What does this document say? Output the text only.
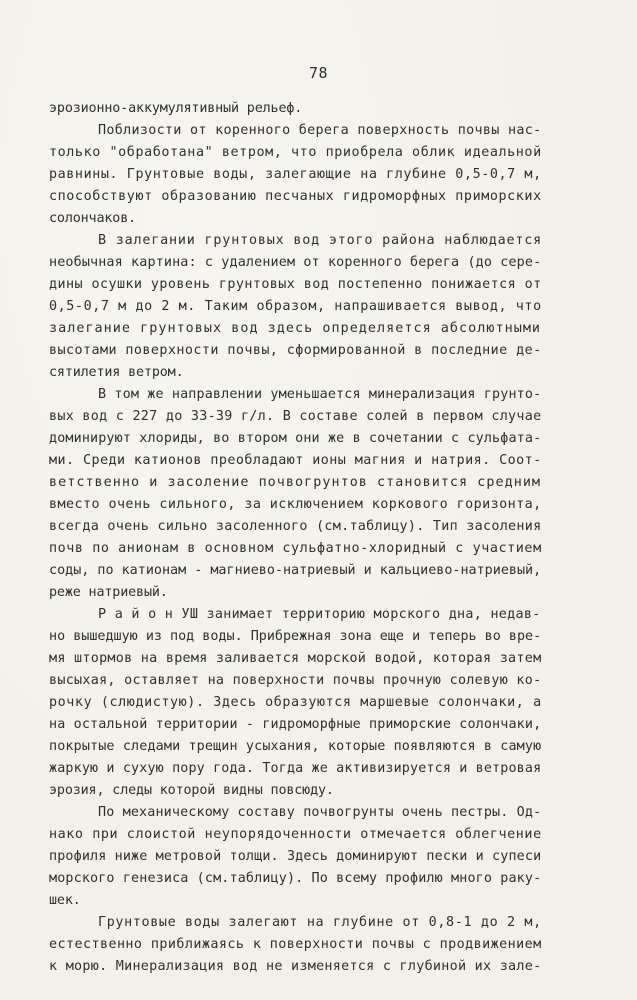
78
эрозионно-аккумулятивный рельеф.
Поблизости от коренного берега поверхность почвы нас-
только "обработана" ветром, что приобрела облик идеальной
равнины. Грунтовые воды, залегающие на глубине 0,5-0,7 м,
способствуют образованию песчаных гидроморфных приморских
солончаков.
В залегании грунтовых вод этого района наблюдается
необычная картина: с удалением от коренного берега (до сере-
дины осушки уровень грунтовых вод постепенно понижается от
0,5-0,7 м до 2 м. Таким образом, напрашивается вывод, что
залегание грунтовых вод здесь определяется абсолютными
высотами поверхности почвы, сформированной в последние де-
сятилетия ветром.
В том же направлении уменьшается минерализация грунто-
вых вод с 227 до 33-39 г/л. В составе солей в первом случае
доминируют хлориды, во втором они же в сочетании с сульфата-
ми. Среди катионов преобладают ионы магния и натрия. Соот-
ветственно и засоление почвогрунтов становится средним
вместо очень сильного, за исключением коркового горизонта,
всегда очень сильно засоленного (см.таблицу). Тип засоления
почв по анионам в основном сульфатно-хлоридный с участием
соды, по катионам - магниево-натриевый и кальциево-натриевый,
реже натриевый.
Р а й о н УШ занимает территорию морского дна, недав-
но вышедшую из под воды. Прибрежная зона еще и теперь во вре-
мя штормов на время заливается морской водой, которая затем
высыхая, оставляет на поверхности почвы прочную солевую ко-
рочку (слюдистую). Здесь образуются маршевые солончаки, а
на остальной территории - гидроморфные приморские солончаки,
покрытые следами трещин усыхания, которые появляются в самую
жаркую и сухую пору года. Тогда же активизируется и ветровая
эрозия, следы которой видны повсюду.
По механическому составу почвогрунты очень пестры. Од-
нако при слоистой неупорядоченности отмечается облегчение
профиля ниже метровой толщи. Здесь доминируют пески и супеси
морского генезиса (см.таблицу). По всему профилю много раку-
шек.
Грунтовые воды залегают на глубине от 0,8-1 до 2 м,
естественно приближаясь к поверхности почвы с продвижением
к морю. Минерализация вод не изменяется с глубиной их зале-
